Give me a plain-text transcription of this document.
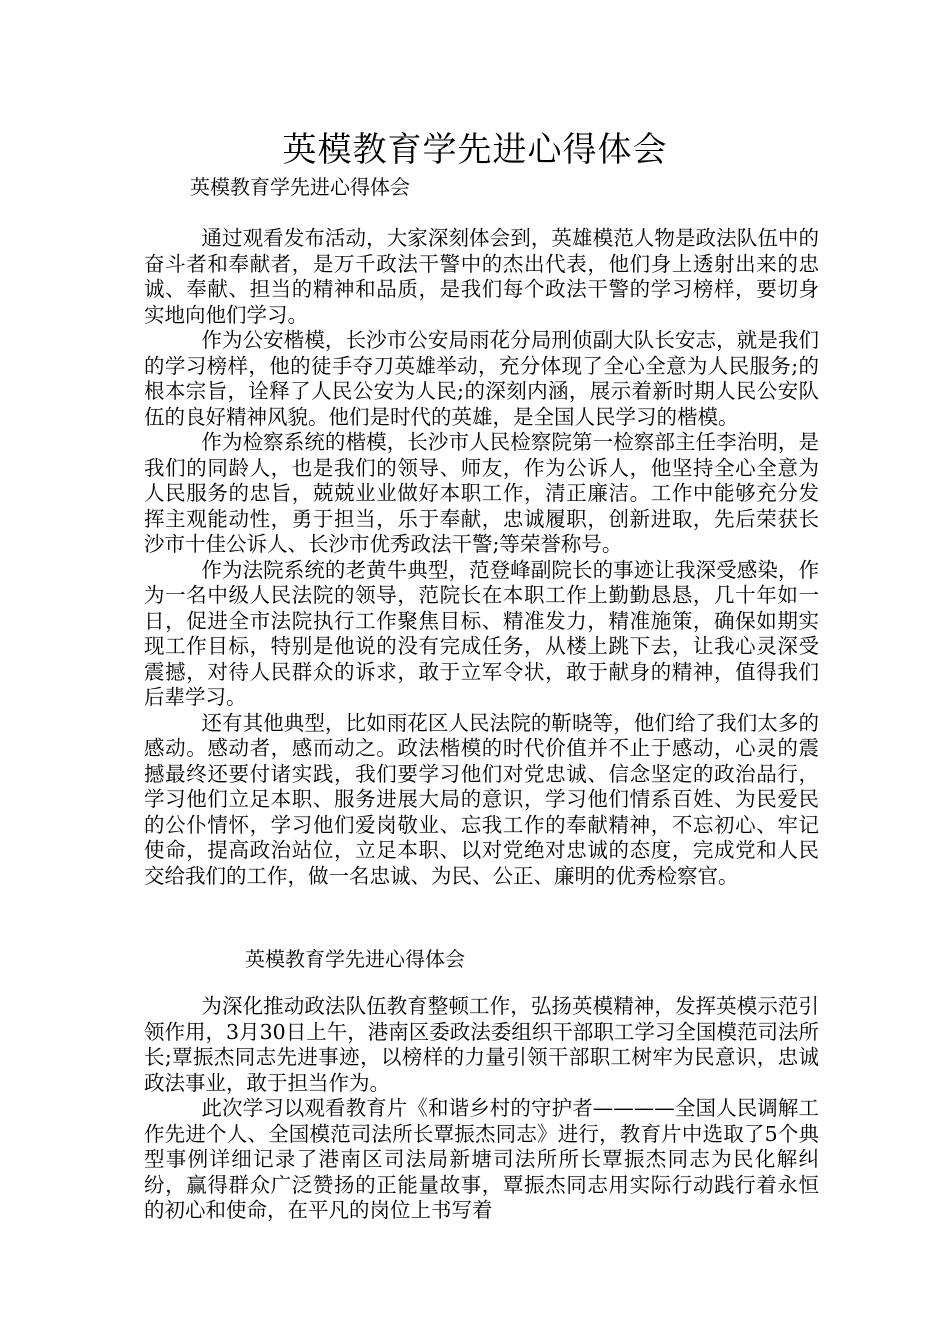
英模教育学先进心得体会

英模教育学先进心得体会

通过观看发布活动，大家深刻体会到，英雄模范人物是政法队伍中的奋斗者和奉献者，是万千政法干警中的杰出代表，他们身上透射出来的忠诚、奉献、担当的精神和品质，是我们每个政法干警的学习榜样，要切身实地向他们学习。

作为公安楷模，长沙市公安局雨花分局刑侦副大队长安志，就是我们的学习榜样，他的徒手夺刀英雄举动，充分体现了全心全意为人民服务;的根本宗旨，诠释了人民公安为人民;的深刻内涵，展示着新时期人民公安队伍的良好精神风貌。他们是时代的英雄，是全国人民学习的楷模。

作为检察系统的楷模，长沙市人民检察院第一检察部主任李治明，是我们的同龄人，也是我们的领导、师友，作为公诉人，他坚持全心全意为人民服务的忠旨，兢兢业业做好本职工作，清正廉洁。工作中能够充分发挥主观能动性，勇于担当，乐于奉献，忠诚履职，创新进取，先后荣获长沙市十佳公诉人、长沙市优秀政法干警;等荣誉称号。

作为法院系统的老黄牛典型，范登峰副院长的事迹让我深受感染，作为一名中级人民法院的领导，范院长在本职工作上勤勤恳恳，几十年如一日，促进全市法院执行工作聚焦目标、精准发力，精准施策，确保如期实现工作目标，特别是他说的没有完成任务，从楼上跳下去，让我心灵深受震撼，对待人民群众的诉求，敢于立军令状，敢于献身的精神，值得我们后辈学习。

还有其他典型，比如雨花区人民法院的靳晓等，他们给了我们太多的感动。感动者，感而动之。政法楷模的时代价值并不止于感动，心灵的震撼最终还要付诸实践，我们要学习他们对党忠诚、信念坚定的政治品行，学习他们立足本职、服务进展大局的意识，学习他们情系百姓、为民爱民的公仆情怀，学习他们爱岗敬业、忘我工作的奉献精神，不忘初心、牢记使命，提高政治站位，立足本职、以对党绝对忠诚的态度，完成党和人民交给我们的工作，做一名忠诚、为民、公正、廉明的优秀检察官。

英模教育学先进心得体会

为深化推动政法队伍教育整顿工作，弘扬英模精神，发挥英模示范引领作用，3月30日上午，港南区委政法委组织干部职工学习全国模范司法所长;覃振杰同志先进事迹，以榜样的力量引领干部职工树牢为民意识，忠诚政法事业，敢于担当作为。

此次学习以观看教育片《和谐乡村的守护者————全国人民调解工作先进个人、全国模范司法所长覃振杰同志》进行，教育片中选取了5个典型事例详细记录了港南区司法局新塘司法所所长覃振杰同志为民化解纠纷，赢得群众广泛赞扬的正能量故事，覃振杰同志用实际行动践行着永恒的初心和使命，在平凡的岗位上书写着
